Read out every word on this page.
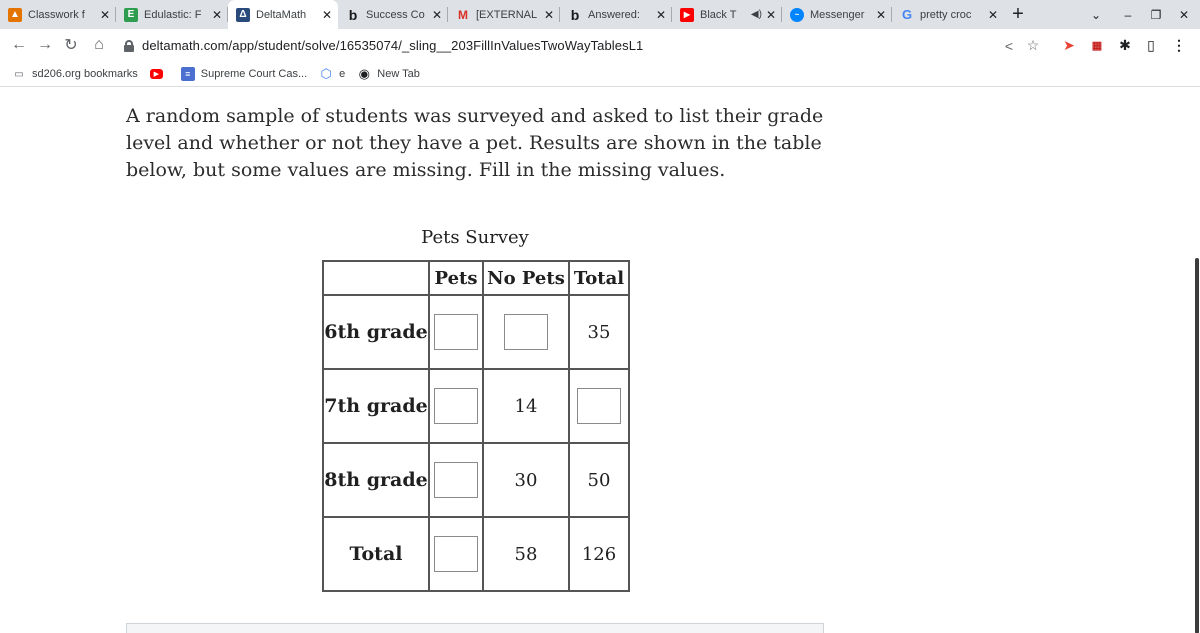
▲ Classwork f	✕	E Edulastic: F ✕	Δ DeltaMath	✕ b Success Co ✕ M [EXTERNAL ✕ b Answered:	✕	▶ Black T	◀) ✕	~ Messenger ✕ G pretty croc	✕ +	⌄	–	❐	✕
← → ↻	⌂	deltamath.com/app/student/solve/16535074/_sling__203FillInValuesTwoWayTablesL1	< ☆	➤	▦	✱	▯	⋮
▭ sd206.org bookmarks	▶	≡ Supreme Court Cas... ⬡ e ◉ New Tab

A random sample of students was surveyed and asked to list their grade level and whether or not they have a pet. Results are shown in the table below, but some values are missing. Fill in the missing values.

Pets Survey
	Pets	No Pets	Total
6th grade			35
7th grade		14	
8th grade		30	50
Total		58	126
